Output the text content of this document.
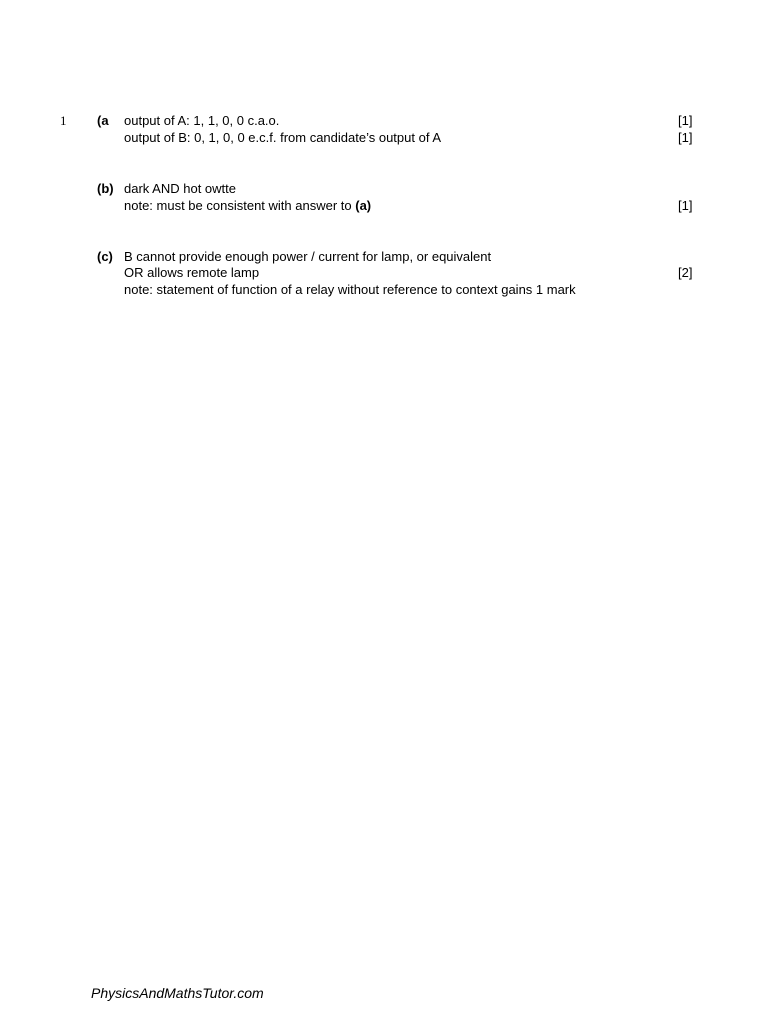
1 (a output of A: 1, 1, 0, 0 c.a.o.
output of B: 0, 1, 0, 0 e.c.f. from candidate’s output of A
[1]
[1]
(b) dark AND hot owtte
note: must be consistent with answer to (a)	[1]
(c) B cannot provide enough power / current for lamp, or equivalent
OR allows remote lamp
note: statement of function of a relay without reference to context gains 1 mark
[2]
PhysicsAndMathsTutor.com
